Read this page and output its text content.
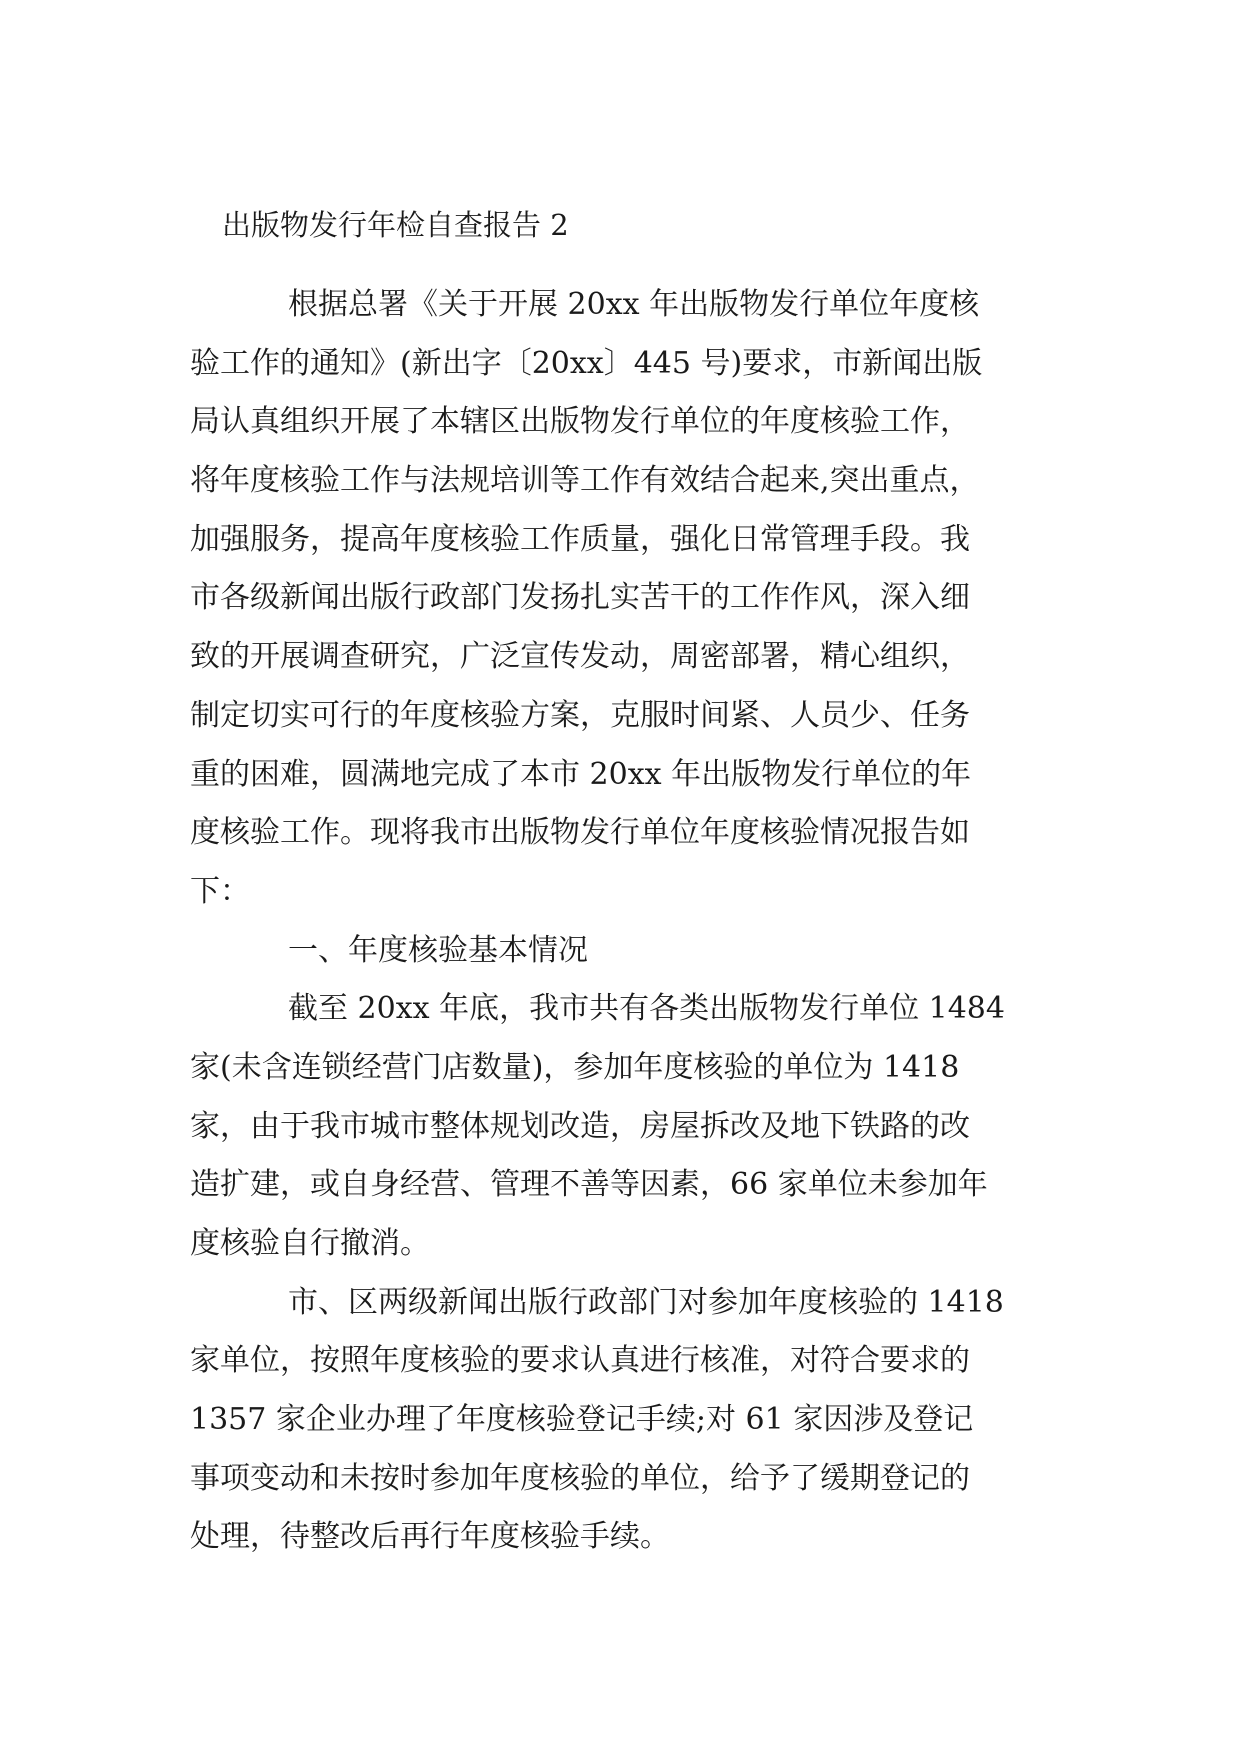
出版物发行年检自查报告 2

根据总署《关于开展 20xx 年出版物发行单位年度核

验工作的通知》(新出字〔20xx〕445 号)要求，市新闻出版

局认真组织开展了本辖区出版物发行单位的年度核验工作，

将年度核验工作与法规培训等工作有效结合起来,突出重点，

加强服务，提高年度核验工作质量，强化日常管理手段。我

市各级新闻出版行政部门发扬扎实苦干的工作作风，深入细

致的开展调查研究，广泛宣传发动，周密部署，精心组织，

制定切实可行的年度核验方案，克服时间紧、人员少、任务

重的困难，圆满地完成了本市 20xx 年出版物发行单位的年

度核验工作。现将我市出版物发行单位年度核验情况报告如

下：

一、年度核验基本情况

截至 20xx 年底，我市共有各类出版物发行单位 1484

家(未含连锁经营门店数量)，参加年度核验的单位为 1418

家，由于我市城市整体规划改造，房屋拆改及地下铁路的改

造扩建，或自身经营、管理不善等因素，66 家单位未参加年

度核验自行撤消。

市、区两级新闻出版行政部门对参加年度核验的 1418

家单位，按照年度核验的要求认真进行核准，对符合要求的

1357 家企业办理了年度核验登记手续;对 61 家因涉及登记

事项变动和未按时参加年度核验的单位，给予了缓期登记的

处理，待整改后再行年度核验手续。
